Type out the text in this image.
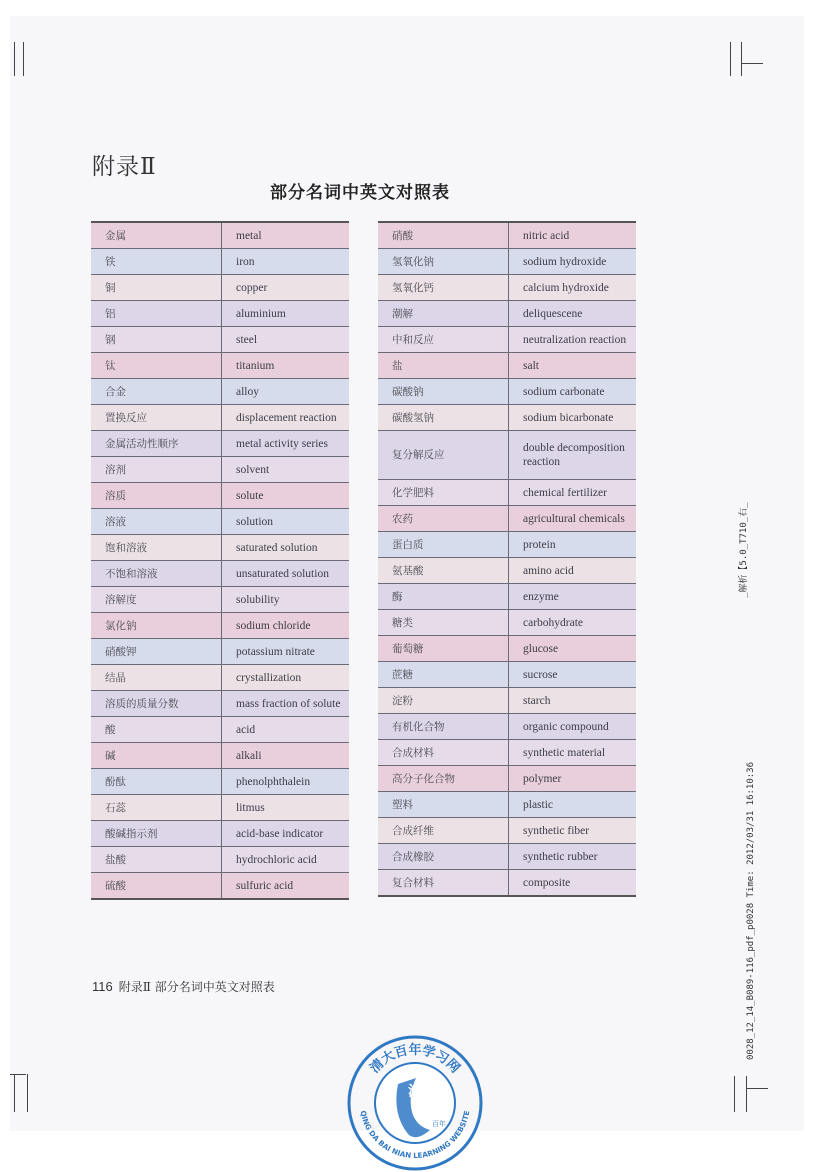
附录Ⅱ
部分名词中英文对照表
金属	metal
铁	iron
铜	copper
铝	aluminium
钢	steel
钛	titanium
合金	alloy
置换反应	displacement reaction
金属活动性顺序	metal activity series
溶剂	solvent
溶质	solute
溶液	solution
饱和溶液	saturated solution
不饱和溶液	unsaturated solution
溶解度	solubility
氯化钠	sodium chloride
硝酸钾	potassium nitrate
结晶	crystallization
溶质的质量分数	mass fraction of solute
酸	acid
碱	alkali
酚酞	phenolphthalein
石蕊	litmus
酸碱指示剂	acid-base indicator
盐酸	hydrochloric acid
硫酸	sulfuric acid
硝酸	nitric acid
氢氧化钠	sodium hydroxide
氢氧化钙	calcium hydroxide
潮解	deliquescene
中和反应	neutralization reaction
盐	salt
碳酸钠	sodium carbonate
碳酸氢钠	sodium bicarbonate
复分解反应	double decomposition reaction
化学肥料	chemical fertilizer
农药	agricultural chemicals
蛋白质	protein
氨基酸	amino acid
酶	enzyme
糖类	carbohydrate
葡萄糖	glucose
蔗糖	sucrose
淀粉	starch
有机化合物	organic compound
合成材料	synthetic material
高分子化合物	polymer
塑料	plastic
合成纤维	synthetic fiber
合成橡胶	synthetic rubber
复合材料	composite
116 附录Ⅱ 部分名词中英文对照表
_解析【5.0_T710_右_
0028_12_14_B089-116_pdf_p0028 Time: 2012/03/31 16:10:36
清大
百年
清大百年学习网
QING DA BAI NIAN LEARNING WEBSITE
